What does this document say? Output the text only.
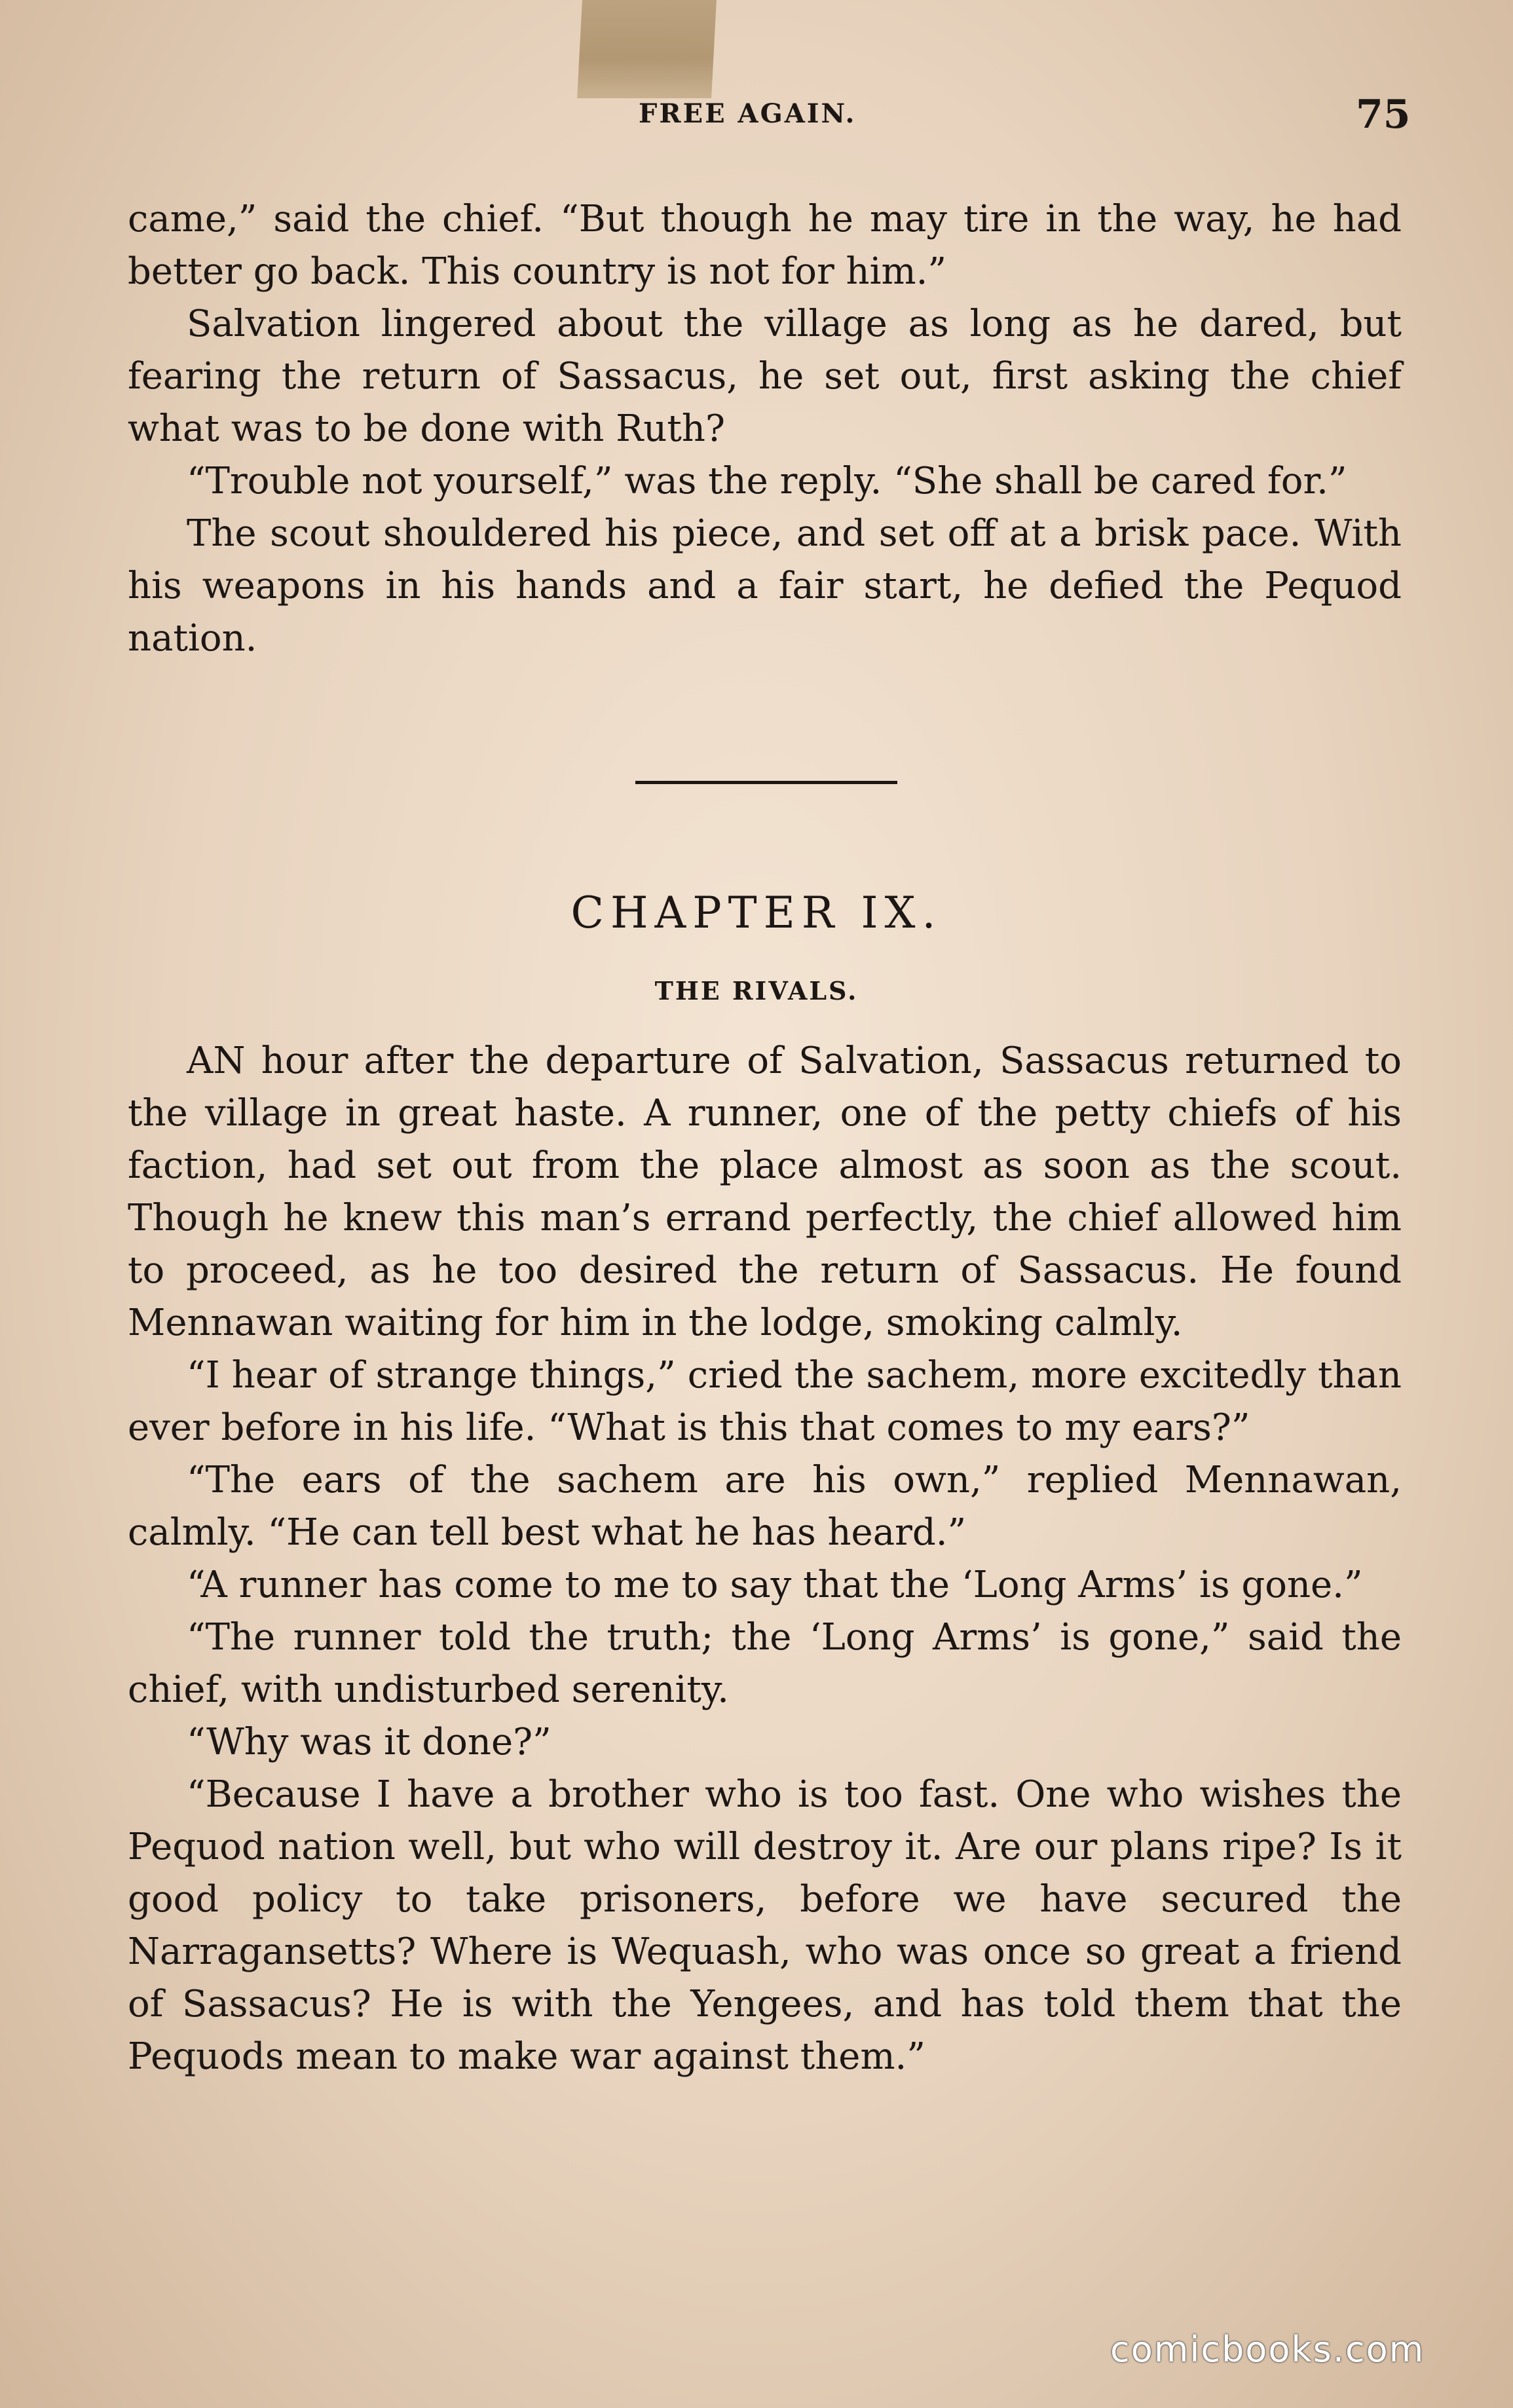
FREE AGAIN.	75

came,” said the chief. “But though he may tire in the way, he had better go back. This country is not for him.”

Salvation lingered about the village as long as he dared, but fearing the return of Sassacus, he set out, first asking the chief what was to be done with Ruth?

“Trouble not yourself,” was the reply. “She shall be cared for.”

The scout shouldered his piece, and set off at a brisk pace. With his weapons in his hands and a fair start, he defied the Pequod nation.

CHAPTER IX.
THE RIVALS.

AN hour after the departure of Salvation, Sassacus returned to the village in great haste. A runner, one of the petty chiefs of his faction, had set out from the place almost as soon as the scout. Though he knew this man’s errand perfectly, the chief allowed him to proceed, as he too desired the return of Sassacus. He found Mennawan waiting for him in the lodge, smoking calmly.

“I hear of strange things,” cried the sachem, more excitedly than ever before in his life. “What is this that comes to my ears?”

“The ears of the sachem are his own,” replied Mennawan, calmly. “He can tell best what he has heard.”

“A runner has come to me to say that the ‘Long Arms’ is gone.”

“The runner told the truth; the ‘Long Arms’ is gone,” said the chief, with undisturbed serenity.

“Why was it done?”

“Because I have a brother who is too fast. One who wishes the Pequod nation well, but who will destroy it. Are our plans ripe? Is it good policy to take prisoners, before we have secured the Narragansetts? Where is Wequash, who was once so great a friend of Sassacus? He is with the Yengees, and has told them that the Pequods mean to make war against them.”

comicbooks.com
